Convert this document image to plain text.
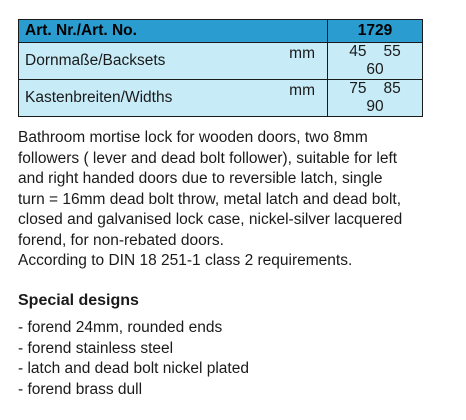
Art. Nr./Art. No.	1729
Dornmaße/Backsets mm	45 55 60
Kastenbreiten/Widths mm	75 85 90
Bathroom mortise lock for wooden doors, two 8mm
followers ( lever and dead bolt follower), suitable for left
and right handed doors due to reversible latch, single
turn = 16mm dead bolt throw, metal latch and dead bolt,
closed and galvanised lock case, nickel-silver lacquered
forend, for non-rebated doors.
According to DIN 18 251-1 class 2 requirements.
Special designs
- forend 24mm, rounded ends
- forend stainless steel
- latch and dead bolt nickel plated
- forend brass dull
